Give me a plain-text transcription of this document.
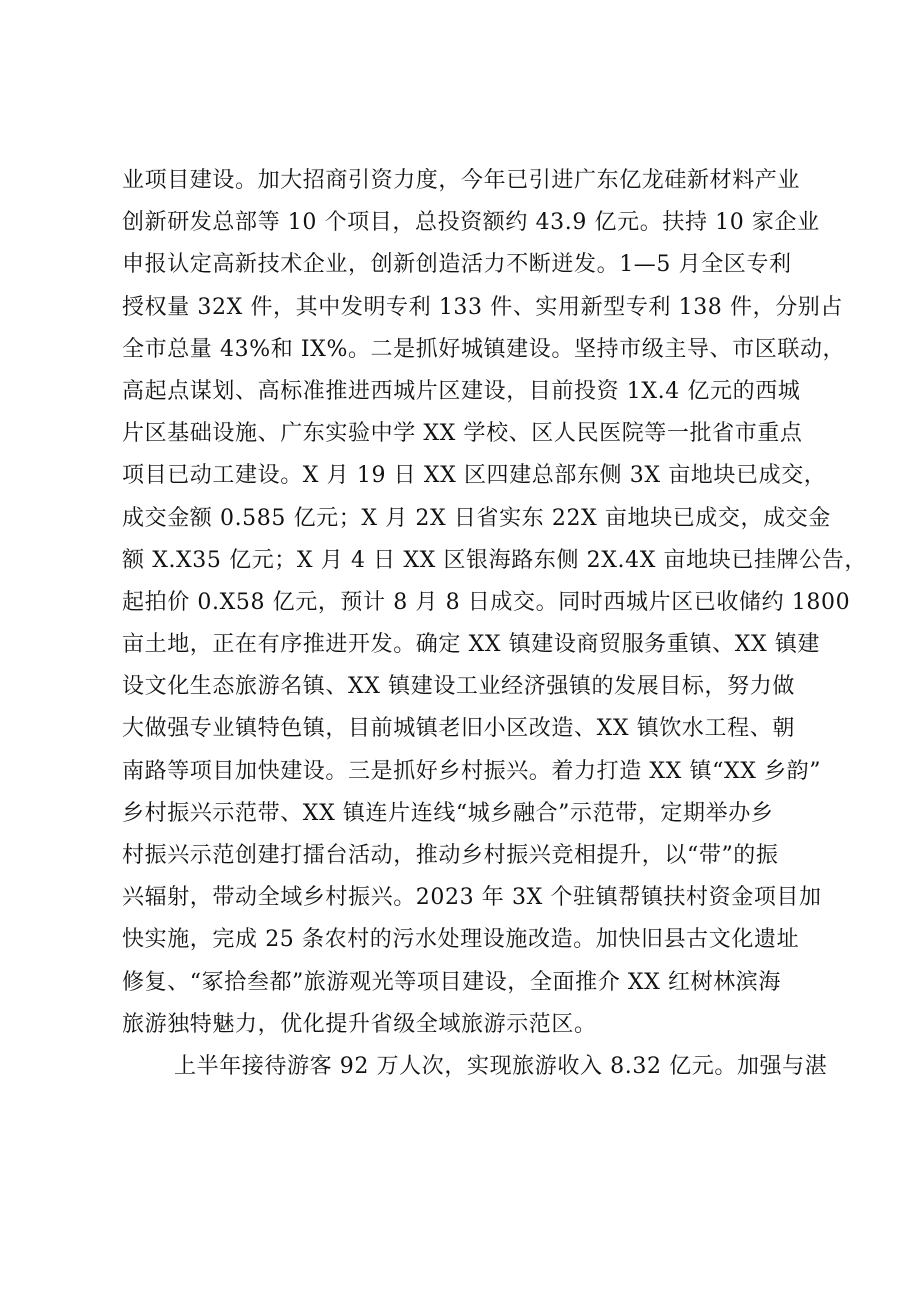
业项目建设。加大招商引资力度，今年已引进广东亿龙硅新材料产业
创新研发总部等 10 个项目，总投资额约 43.9 亿元。扶持 10 家企业
申报认定高新技术企业，创新创造活力不断迸发。1—5 月全区专利
授权量 32X 件，其中发明专利 133 件、实用新型专利 138 件，分别占
全市总量 43%和 IX%。二是抓好城镇建设。坚持市级主导、市区联动，
高起点谋划、高标准推进西城片区建设，目前投资 1X.4 亿元的西城
片区基础设施、广东实验中学 XX 学校、区人民医院等一批省市重点
项目已动工建设。X 月 19 日 XX 区四建总部东侧 3X 亩地块已成交，
成交金额 0.585 亿元；X 月 2X 日省实东 22X 亩地块已成交，成交金
额 X.X35 亿元；X 月 4 日 XX 区银海路东侧 2X.4X 亩地块已挂牌公告，
起拍价 0.X58 亿元，预计 8 月 8 日成交。同时西城片区已收储约 1800
亩土地，正在有序推进开发。确定 XX 镇建设商贸服务重镇、XX 镇建
设文化生态旅游名镇、XX 镇建设工业经济强镇的发展目标，努力做
大做强专业镇特色镇，目前城镇老旧小区改造、XX 镇饮水工程、朝
南路等项目加快建设。三是抓好乡村振兴。着力打造 XX 镇“XX 乡韵”
乡村振兴示范带、XX 镇连片连线“城乡融合”示范带，定期举办乡
村振兴示范创建打擂台活动，推动乡村振兴竞相提升，以“带”的振
兴辐射，带动全域乡村振兴。2023 年 3X 个驻镇帮镇扶村资金项目加
快实施，完成 25 条农村的污水处理设施改造。加快旧县古文化遗址
修复、“冢拾叁都”旅游观光等项目建设，全面推介 XX 红树林滨海
旅游独特魅力，优化提升省级全域旅游示范区。
上半年接待游客 92 万人次，实现旅游收入 8.32 亿元。加强与湛
